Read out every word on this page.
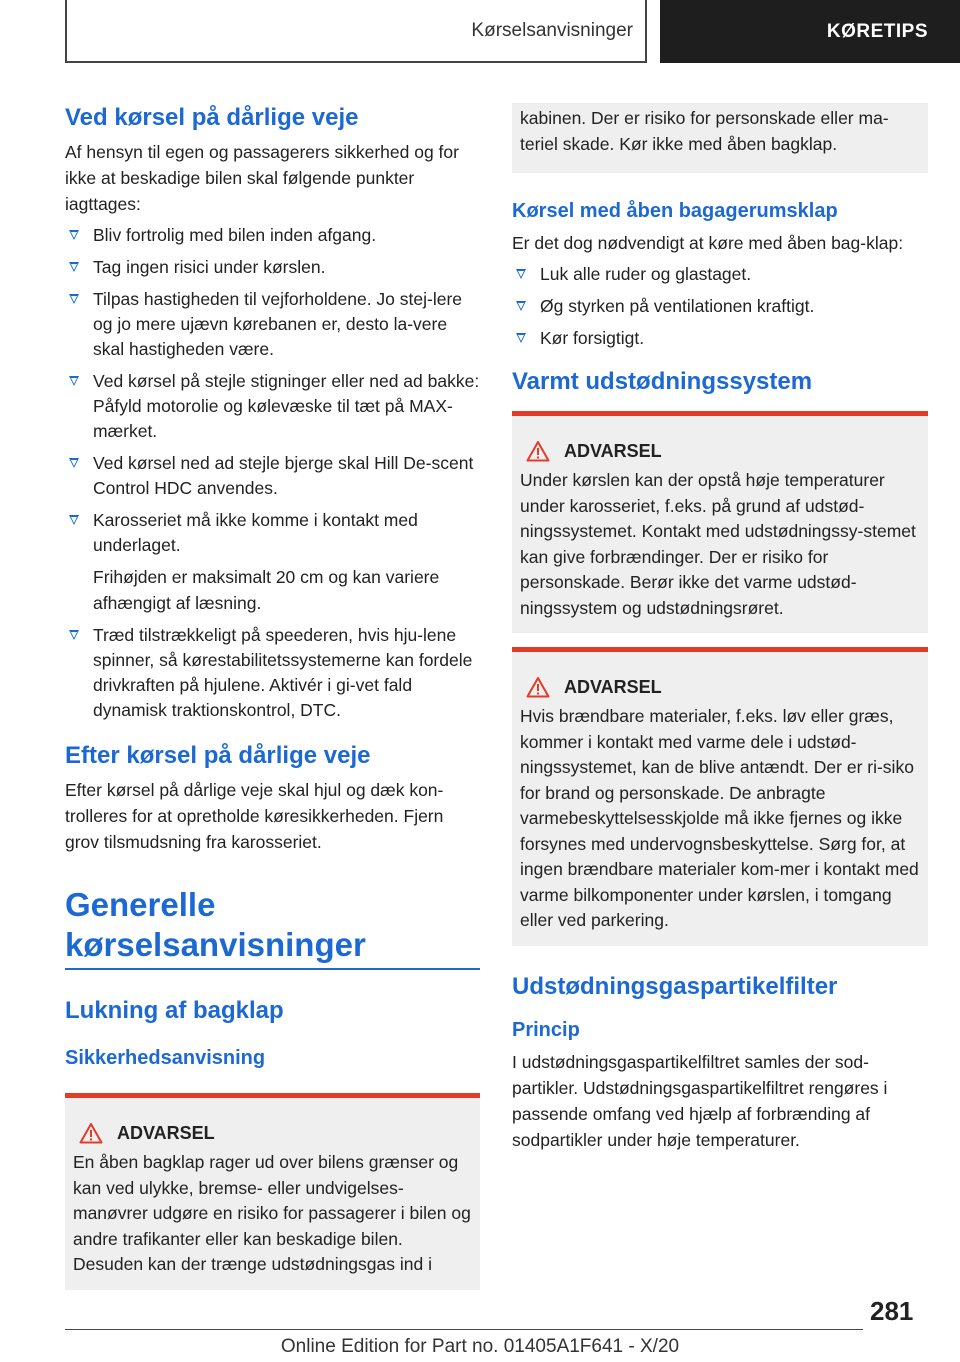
Kørselsanvisninger	KØRETIPS
Ved kørsel på dårlige veje

Af hensyn til egen og passagerers sikkerhed og for ikke at beskadige bilen skal følgende punkter iagttages:

Bliv fortrolig med bilen inden afgang.
Tag ingen risici under kørslen.
Tilpas hastigheden til vejforholdene. Jo stej-lere og jo mere ujævn kørebanen er, desto la-vere skal hastigheden være.
Ved kørsel på stejle stigninger eller ned ad bakke: Påfyld motorolie og kølevæske til tæt på MAX-mærket.
Ved kørsel ned ad stejle bjerge skal Hill De-scent Control HDC anvendes.
Karosseriet må ikke komme i kontakt med underlaget.

Frihøjden er maksimalt 20 cm og kan variere afhængigt af læsning.

Træd tilstrækkeligt på speederen, hvis hju-lene spinner, så kørestabilitetssystemerne kan fordele drivkraften på hjulene. Aktivér i gi-vet fald dynamisk traktionskontrol, DTC.
Efter kørsel på dårlige veje

Efter kørsel på dårlige veje skal hjul og dæk kon-trolleres for at opretholde køresikkerheden. Fjern grov tilsmudsning fra karosseriet.

Generelle
kørselsanvisninger
Lukning af bagklap
Sikkerhedsanvisning
ADVARSEL

En åben bagklap rager ud over bilens grænser og kan ved ulykke, bremse- eller undvigelses-manøvrer udgøre en risiko for passagerer i bilen og andre trafikanter eller kan beskadige bilen. Desuden kan der trænge udstødningsgas ind i

kabinen. Der er risiko for personskade eller ma-teriel skade. Kør ikke med åben bagklap.

Kørsel med åben bagagerumsklap

Er det dog nødvendigt at køre med åben bag-klap:

Luk alle ruder og glastaget.
Øg styrken på ventilationen kraftigt.
Kør forsigtigt.
Varmt udstødningssystem
ADVARSEL

Under kørslen kan der opstå høje temperaturer under karosseriet, f.eks. på grund af udstød-ningssystemet. Kontakt med udstødningssy-stemet kan give forbrændinger. Der er risiko for personskade. Berør ikke det varme udstød-ningssystem og udstødningsrøret.

ADVARSEL

Hvis brændbare materialer, f.eks. løv eller græs, kommer i kontakt med varme dele i udstød-ningssystemet, kan de blive antændt. Der er ri-siko for brand og personskade. De anbragte varmebeskyttelsesskjolde må ikke fjernes og ikke forsynes med undervognsbeskyttelse. Sørg for, at ingen brændbare materialer kom-mer i kontakt med varme bilkomponenter under kørslen, i tomgang eller ved parkering.

Udstødningsgaspartikelfilter
Princip

I udstødningsgaspartikelfiltret samles der sod-partikler. Udstødningsgaspartikelfiltret rengøres i passende omfang ved hjælp af forbrænding af sodpartikler under høje temperaturer.

281
Online Edition for Part no. 01405A1F641 - X/20
